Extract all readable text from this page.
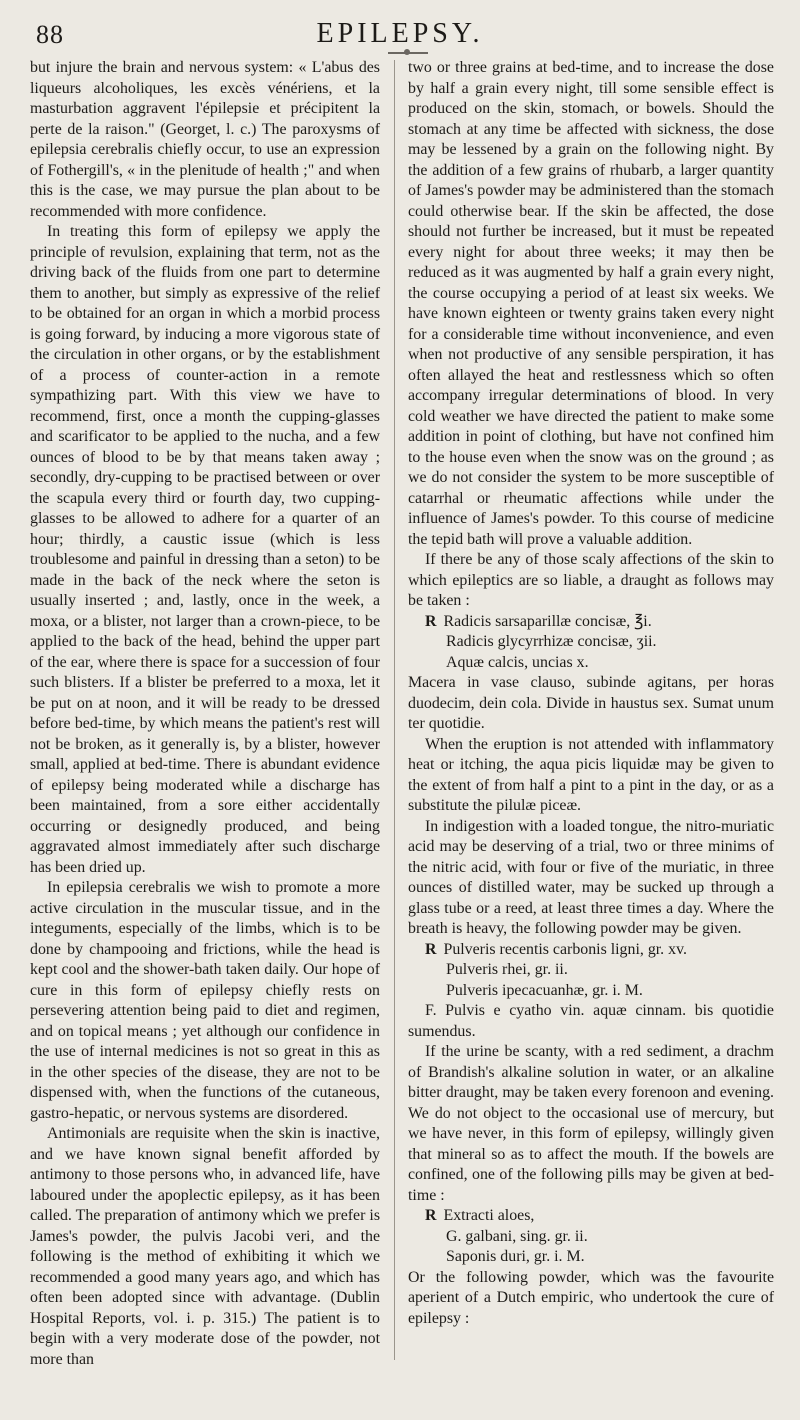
88	EPILEPSY.

but injure the brain and nervous system: « L'abus des liqueurs alcoholiques, les excès vénériens, et la masturbation aggravent l'épilepsie et précipitent la perte de la raison." (Georget, l. c.) The paroxysms of epilepsia cerebralis chiefly occur, to use an expression of Fothergill's, « in the plenitude of health ;" and when this is the case, we may pursue the plan about to be recommended with more confidence.

In treating this form of epilepsy we apply the principle of revulsion, explaining that term, not as the driving back of the fluids from one part to determine them to another, but simply as expressive of the relief to be obtained for an organ in which a morbid process is going forward, by inducing a more vigorous state of the circulation in other organs, or by the establishment of a process of counter-action in a remote sympathizing part. With this view we have to recommend, first, once a month the cupping-glasses and scarificator to be applied to the nucha, and a few ounces of blood to be by that means taken away ; secondly, dry-cupping to be practised between or over the scapula every third or fourth day, two cupping-glasses to be allowed to adhere for a quarter of an hour; thirdly, a caustic issue (which is less troublesome and painful in dressing than a seton) to be made in the back of the neck where the seton is usually inserted ; and, lastly, once in the week, a moxa, or a blister, not larger than a crown-piece, to be applied to the back of the head, behind the upper part of the ear, where there is space for a succession of four such blisters. If a blister be preferred to a moxa, let it be put on at noon, and it will be ready to be dressed before bed-time, by which means the patient's rest will not be broken, as it generally is, by a blister, however small, applied at bed-time. There is abundant evidence of epilepsy being moderated while a discharge has been maintained, from a sore either accidentally occurring or designedly produced, and being aggravated almost immediately after such discharge has been dried up.

In epilepsia cerebralis we wish to promote a more active circulation in the muscular tissue, and in the integuments, especially of the limbs, which is to be done by champooing and frictions, while the head is kept cool and the shower-bath taken daily. Our hope of cure in this form of epilepsy chiefly rests on persevering attention being paid to diet and regimen, and on topical means ; yet although our confidence in the use of internal medicines is not so great in this as in the other species of the disease, they are not to be dispensed with, when the functions of the cutaneous, gastro-hepatic, or nervous systems are disordered.

Antimonials are requisite when the skin is inactive, and we have known signal benefit afforded by antimony to those persons who, in advanced life, have laboured under the apoplectic epilepsy, as it has been called. The preparation of antimony which we prefer is James's powder, the pulvis Jacobi veri, and the following is the method of exhibiting it which we recommended a good many years ago, and which has often been adopted since with advantage. (Dublin Hospital Reports, vol. i. p. 315.) The patient is to begin with a very moderate dose of the powder, not more than

two or three grains at bed-time, and to increase the dose by half a grain every night, till some sensible effect is produced on the skin, stomach, or bowels. Should the stomach at any time be affected with sickness, the dose may be lessened by a grain on the following night. By the addition of a few grains of rhubarb, a larger quantity of James's powder may be administered than the stomach could otherwise bear. If the skin be affected, the dose should not further be increased, but it must be repeated every night for about three weeks; it may then be reduced as it was augmented by half a grain every night, the course occupying a period of at least six weeks. We have known eighteen or twenty grains taken every night for a considerable time without inconvenience, and even when not productive of any sensible perspiration, it has often allayed the heat and restlessness which so often accompany irregular determinations of blood. In very cold weather we have directed the patient to make some addition in point of clothing, but have not confined him to the house even when the snow was on the ground ; as we do not consider the system to be more susceptible of catarrhal or rheumatic affections while under the influence of James's powder. To this course of medicine the tepid bath will prove a valuable addition.

If there be any of those scaly affections of the skin to which epileptics are so liable, a draught as follows may be taken :

R Radicis sarsaparillæ concisæ, ℥i.
Radicis glycyrrhizæ concisæ, ʒii.
Aquæ calcis, uncias x.

Macera in vase clauso, subinde agitans, per horas duodecim, dein cola. Divide in haustus sex. Sumat unum ter quotidie.

When the eruption is not attended with inflammatory heat or itching, the aqua picis liquidæ may be given to the extent of from half a pint to a pint in the day, or as a substitute the pilulæ piceæ.

In indigestion with a loaded tongue, the nitro-muriatic acid may be deserving of a trial, two or three minims of the nitric acid, with four or five of the muriatic, in three ounces of distilled water, may be sucked up through a glass tube or a reed, at least three times a day. Where the breath is heavy, the following powder may be given.

R Pulveris recentis carbonis ligni, gr. xv.
Pulveris rhei, gr. ii.
Pulveris ipecacuanhæ, gr. i. M.

F. Pulvis e cyatho vin. aquæ cinnam. bis quotidie sumendus.

If the urine be scanty, with a red sediment, a drachm of Brandish's alkaline solution in water, or an alkaline bitter draught, may be taken every forenoon and evening. We do not object to the occasional use of mercury, but we have never, in this form of epilepsy, willingly given that mineral so as to affect the mouth. If the bowels are confined, one of the following pills may be given at bed-time :

R Extracti aloes,
G. galbani, sing. gr. ii.
Saponis duri, gr. i. M.

Or the following powder, which was the favourite aperient of a Dutch empiric, who undertook the cure of epilepsy :
